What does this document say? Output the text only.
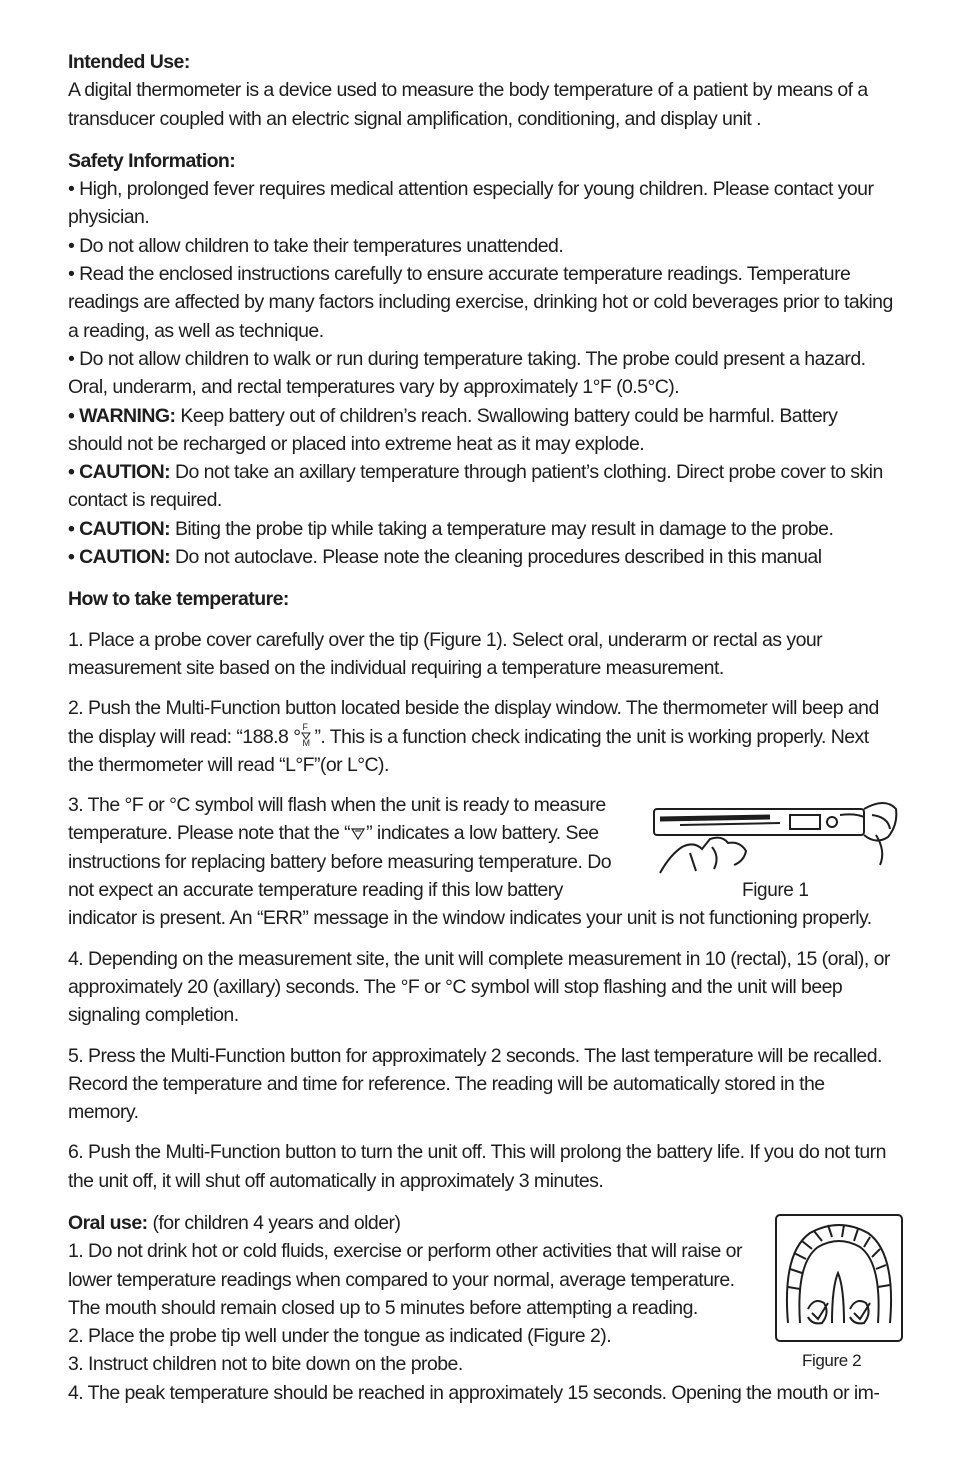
Intended Use:

A digital thermometer is a device used to measure the body temperature of a patient by means of a transducer coupled with an electric signal amplification, conditioning, and display unit .

Safety Information:

• High, prolonged fever requires medical attention especially for young children. Please contact your physician.

• Do not allow children to take their temperatures unattended.

• Read the enclosed instructions carefully to ensure accurate temperature readings. Temperature readings are affected by many factors including exercise, drinking hot or cold beverages prior to taking a reading, as well as technique.

• Do not allow children to walk or run during temperature taking. The probe could present a hazard. Oral, underarm, and rectal temperatures vary by approximately 1°F (0.5°C).

• WARNING: Keep battery out of children’s reach. Swallowing battery could be harmful. Battery should not be recharged or placed into extreme heat as it may explode.

• CAUTION: Do not take an axillary temperature through patient’s clothing. Direct probe cover to skin contact is required.

• CAUTION: Biting the probe tip while taking a temperature may result in damage to the probe.

• CAUTION: Do not autoclave. Please note the cleaning procedures described in this manual

How to take temperature:

1. Place a probe cover carefully over the tip (Figure 1). Select oral, underarm or rectal as your measurement site based on the individual requiring a temperature measurement.

2. Push the Multi-Function button located beside the display window. The thermometer will beep and the display will read: “188.8 ° F
M ”. This is a function check indicating the unit is working properly. Next the thermometer will read “L°F”(or L°C).

Figure 1

3. The °F or °C symbol will flash when the unit is ready to measure temperature. Please note that the “ ” indicates a low battery. See instructions for replacing battery before measuring temperature. Do not expect an accurate temperature reading if this low battery indicator is present. An “ERR” message in the window indicates your unit is not functioning properly.

4. Depending on the measurement site, the unit will complete measurement in 10 (rectal), 15 (oral), or approximately 20 (axillary) seconds. The °F or °C symbol will stop flashing and the unit will beep signaling completion.

5. Press the Multi-Function button for approximately 2 seconds. The last temperature will be recalled. Record the temperature and time for reference. The reading will be automatically stored in the memory.

6. Push the Multi-Function button to turn the unit off. This will prolong the battery life. If you do not turn the unit off, it will shut off automatically in approximately 3 minutes.

Figure 2

Oral use: (for children 4 years and older)

1. Do not drink hot or cold fluids, exercise or perform other activities that will raise or lower temperature readings when compared to your normal, average temperature. The mouth should remain closed up to 5 minutes before attempting a reading.

2. Place the probe tip well under the tongue as indicated (Figure 2).

3. Instruct children not to bite down on the probe.

4. The peak temperature should be reached in approximately 15 seconds. Opening the mouth or im-
